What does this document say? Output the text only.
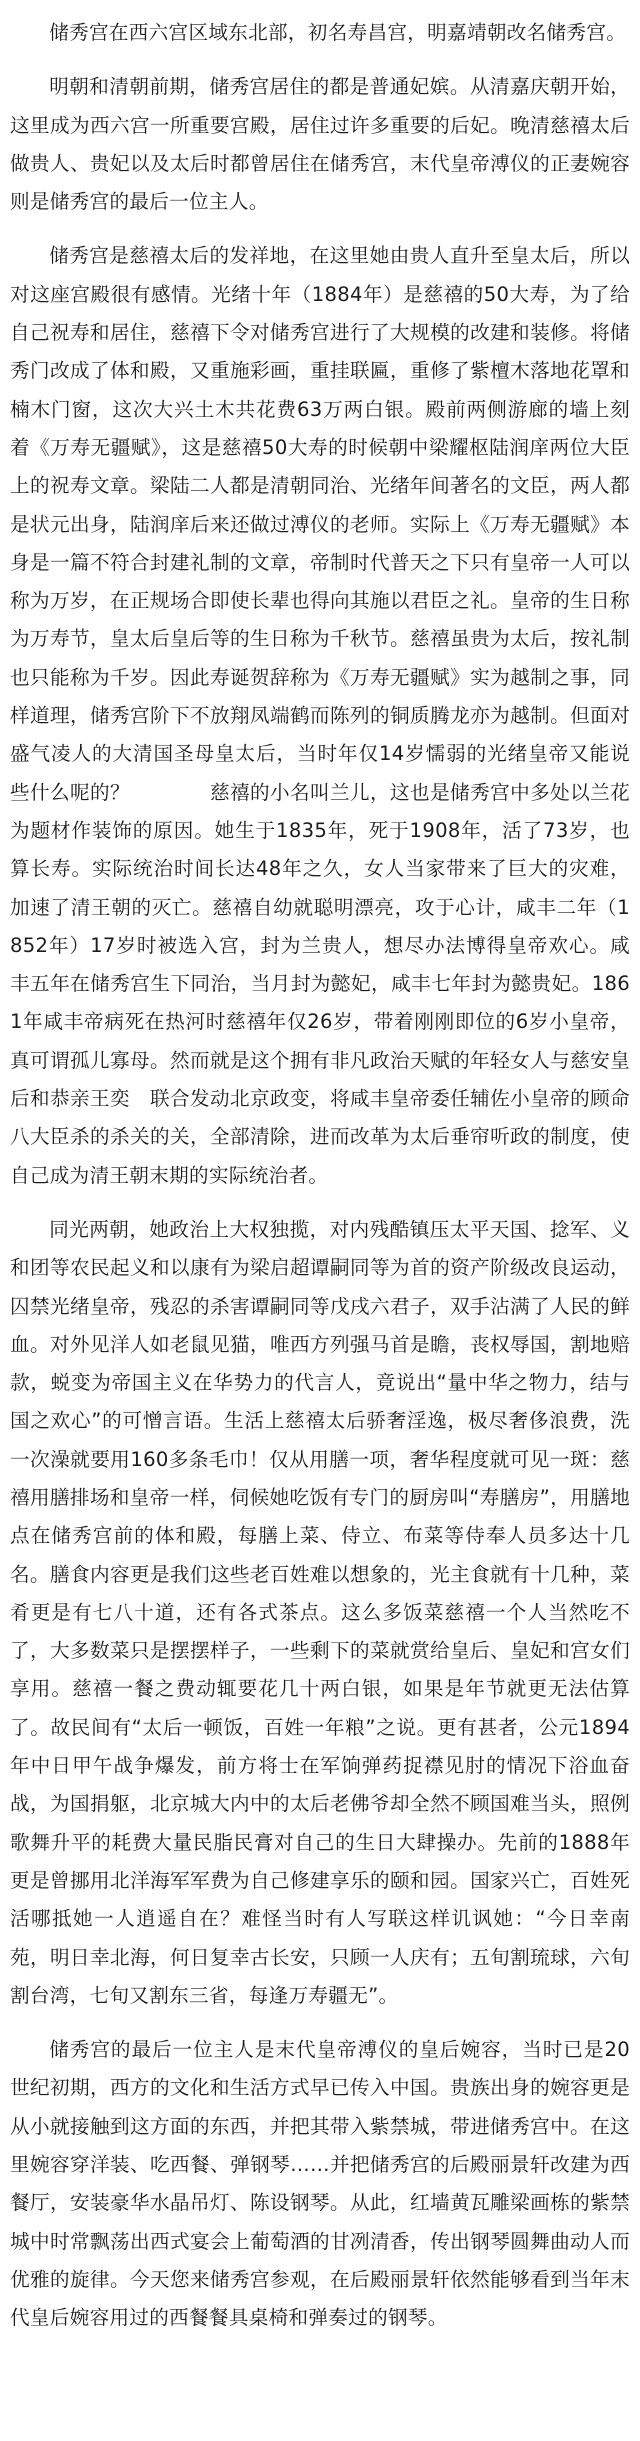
储秀宫在西六宫区域东北部，初名寿昌宫，明嘉靖朝改名储秀宫。

明朝和清朝前期，储秀宫居住的都是普通妃嫔。从清嘉庆朝开始，这里成为西六宫一所重要宫殿，居住过许多重要的后妃。晚清慈禧太后做贵人、贵妃以及太后时都曾居住在储秀宫，末代皇帝溥仪的正妻婉容则是储秀宫的最后一位主人。

储秀宫是慈禧太后的发祥地，在这里她由贵人直升至皇太后，所以对这座宫殿很有感情。光绪十年（1884年）是慈禧的50大寿，为了给自己祝寿和居住，慈禧下令对储秀宫进行了大规模的改建和装修。将储秀门改成了体和殿，又重施彩画，重挂联匾，重修了紫檀木落地花罩和楠木门窗，这次大兴土木共花费63万两白银。殿前两侧游廊的墙上刻着《万寿无疆赋》，这是慈禧50大寿的时候朝中梁耀枢陆润庠两位大臣上的祝寿文章。梁陆二人都是清朝同治、光绪年间著名的文臣，两人都是状元出身，陆润庠后来还做过溥仪的老师。实际上《万寿无疆赋》本身是一篇不符合封建礼制的文章，帝制时代普天之下只有皇帝一人可以称为万岁，在正规场合即使长辈也得向其施以君臣之礼。皇帝的生日称为万寿节，皇太后皇后等的生日称为千秋节。慈禧虽贵为太后，按礼制也只能称为千岁。因此寿诞贺辞称为《万寿无疆赋》实为越制之事，同样道理，储秀宫阶下不放翔凤端鹤而陈列的铜质腾龙亦为越制。但面对盛气凌人的大清国圣母皇太后，当时年仅14岁懦弱的光绪皇帝又能说些什么呢的？　　　　慈禧的小名叫兰儿，这也是储秀宫中多处以兰花为题材作装饰的原因。她生于1835年，死于1908年，活了73岁，也算长寿。实际统治时间长达48年之久，女人当家带来了巨大的灾难，加速了清王朝的灭亡。慈禧自幼就聪明漂亮，攻于心计，咸丰二年（1852年）17岁时被选入宫，封为兰贵人，想尽办法博得皇帝欢心。咸丰五年在储秀宫生下同治，当月封为懿妃，咸丰七年封为懿贵妃。1861年咸丰帝病死在热河时慈禧年仅26岁，带着刚刚即位的6岁小皇帝，真可谓孤儿寡母。然而就是这个拥有非凡政治天赋的年轻女人与慈安皇后和恭亲王奕　联合发动北京政变，将咸丰皇帝委任辅佐小皇帝的顾命八大臣杀的杀关的关，全部清除，进而改革为太后垂帘听政的制度，使自己成为清王朝末期的实际统治者。

同光两朝，她政治上大权独揽，对内残酷镇压太平天国、捻军、义和团等农民起义和以康有为梁启超谭嗣同等为首的资产阶级改良运动，囚禁光绪皇帝，残忍的杀害谭嗣同等戊戌六君子，双手沾满了人民的鲜血。对外见洋人如老鼠见猫，唯西方列强马首是瞻，丧权辱国，割地赔款，蜕变为帝国主义在华势力的代言人，竟说出“量中华之物力，结与国之欢心”的可憎言语。生活上慈禧太后骄奢淫逸，极尽奢侈浪费，洗一次澡就要用160多条毛巾！仅从用膳一项，奢华程度就可见一斑：慈禧用膳排场和皇帝一样，伺候她吃饭有专门的厨房叫“寿膳房”，用膳地点在储秀宫前的体和殿，每膳上菜、侍立、布菜等侍奉人员多达十几名。膳食内容更是我们这些老百姓难以想象的，光主食就有十几种，菜肴更是有七八十道，还有各式茶点。这么多饭菜慈禧一个人当然吃不了，大多数菜只是摆摆样子，一些剩下的菜就赏给皇后、皇妃和宫女们享用。慈禧一餐之费动辄要花几十两白银，如果是年节就更无法估算了。故民间有“太后一顿饭，百姓一年粮”之说。更有甚者，公元1894年中日甲午战争爆发，前方将士在军饷弹药捉襟见肘的情况下浴血奋战，为国捐躯，北京城大内中的太后老佛爷却全然不顾国难当头，照例歌舞升平的耗费大量民脂民膏对自己的生日大肆操办。先前的1888年更是曾挪用北洋海军军费为自己修建享乐的颐和园。国家兴亡，百姓死活哪抵她一人逍遥自在？难怪当时有人写联这样讥讽她：“今日幸南苑，明日幸北海，何日复幸古长安，只顾一人庆有；五旬割琉球，六旬割台湾，七旬又割东三省，每逢万寿疆无”。

储秀宫的最后一位主人是末代皇帝溥仪的皇后婉容，当时已是20世纪初期，西方的文化和生活方式早已传入中国。贵族出身的婉容更是从小就接触到这方面的东西，并把其带入紫禁城，带进储秀宫中。在这里婉容穿洋装、吃西餐、弹钢琴……并把储秀宫的后殿丽景轩改建为西餐厅，安装豪华水晶吊灯、陈设钢琴。从此，红墙黄瓦雕梁画栋的紫禁城中时常飘荡出西式宴会上葡萄酒的甘冽清香，传出钢琴圆舞曲动人而优雅的旋律。今天您来储秀宫参观，在后殿丽景轩依然能够看到当年末代皇后婉容用过的西餐餐具桌椅和弹奏过的钢琴。
